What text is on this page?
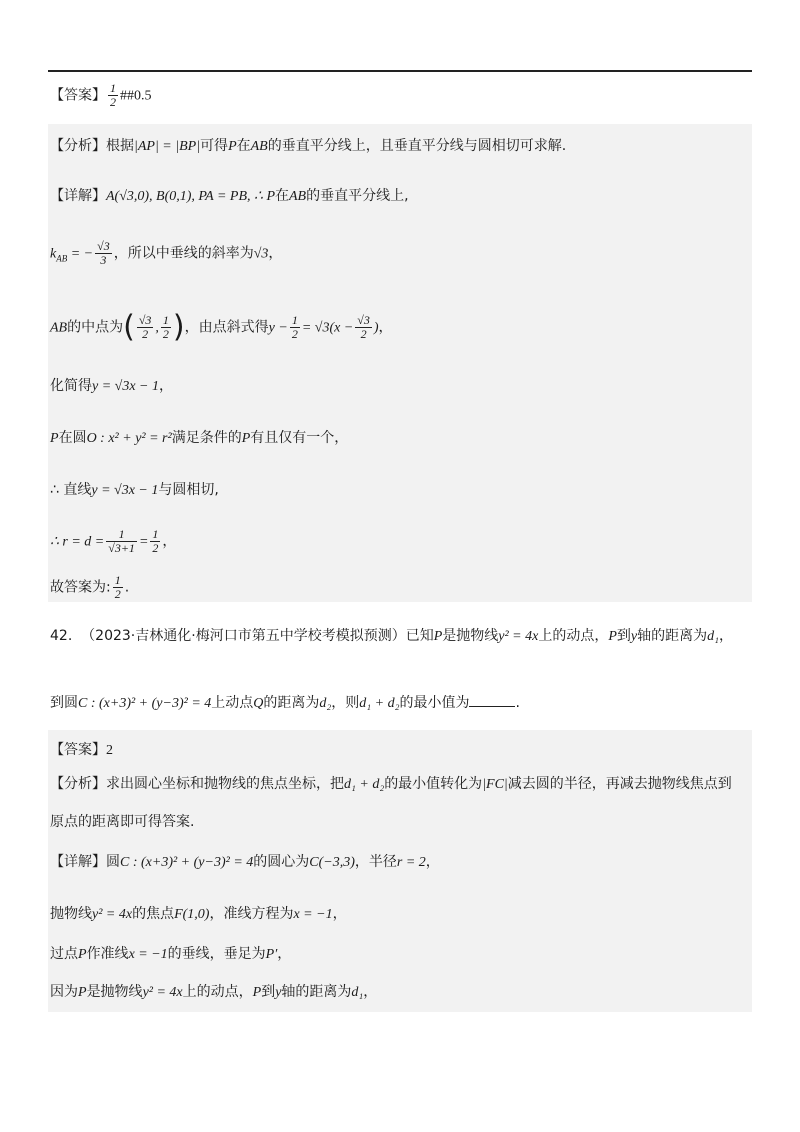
【答案】 $\frac{1}{2}$ ##0.5
【分析】根据|AP| = |BP|可得P在AB的垂直平分线上，且垂直平分线与圆相切可求解.
【详解】A(√3,0), B(0,1), PA = PB, ∴ P在AB的垂直平分线上,
$k_{AB}$ = − $\frac{√3}{3}$ ，所以中垂线的斜率为√3，
AB的中点为( $\frac{√3}{2}$ , $\frac{1}{2}$ )，由点斜式得$y - \frac{1}{2} = √3(x - \frac{√3}{2}$ )，
化简得y = √3x − 1，
P在圆O : x² + y² = r²满足条件的P有且仅有一个，
∴ 直线y = √3x − 1与圆相切,
∴ $r = d = \frac{1}{√3+1} = \frac{1}{2}$ ，
故答案为: $\frac{1}{2}$ .
42. （2023·吉林通化·梅河口市第五中学校考模拟预测）已知P是抛物线y² = 4x上的动点，P到y轴的距离为d₁，
到圆C : (x+3)² + (y−3)² = 4上动点Q的距离为d₂，则d₁ + d₂的最小值为	.
【答案】2
【分析】求出圆心坐标和抛物线的焦点坐标，把d₁ + d₂的最小值转化为|FC|减去圆的半径，再减去抛物线焦点到
原点的距离即可得答案.
【详解】圆C : (x+3)² + (y−3)² = 4的圆心为C(−3,3)，半径r = 2，
抛物线y² = 4x的焦点F(1,0)，准线方程为x = −1，
过点P作准线x = −1的垂线，垂足为P′，
因为P是抛物线y² = 4x上的动点，P到y轴的距离为d₁，
